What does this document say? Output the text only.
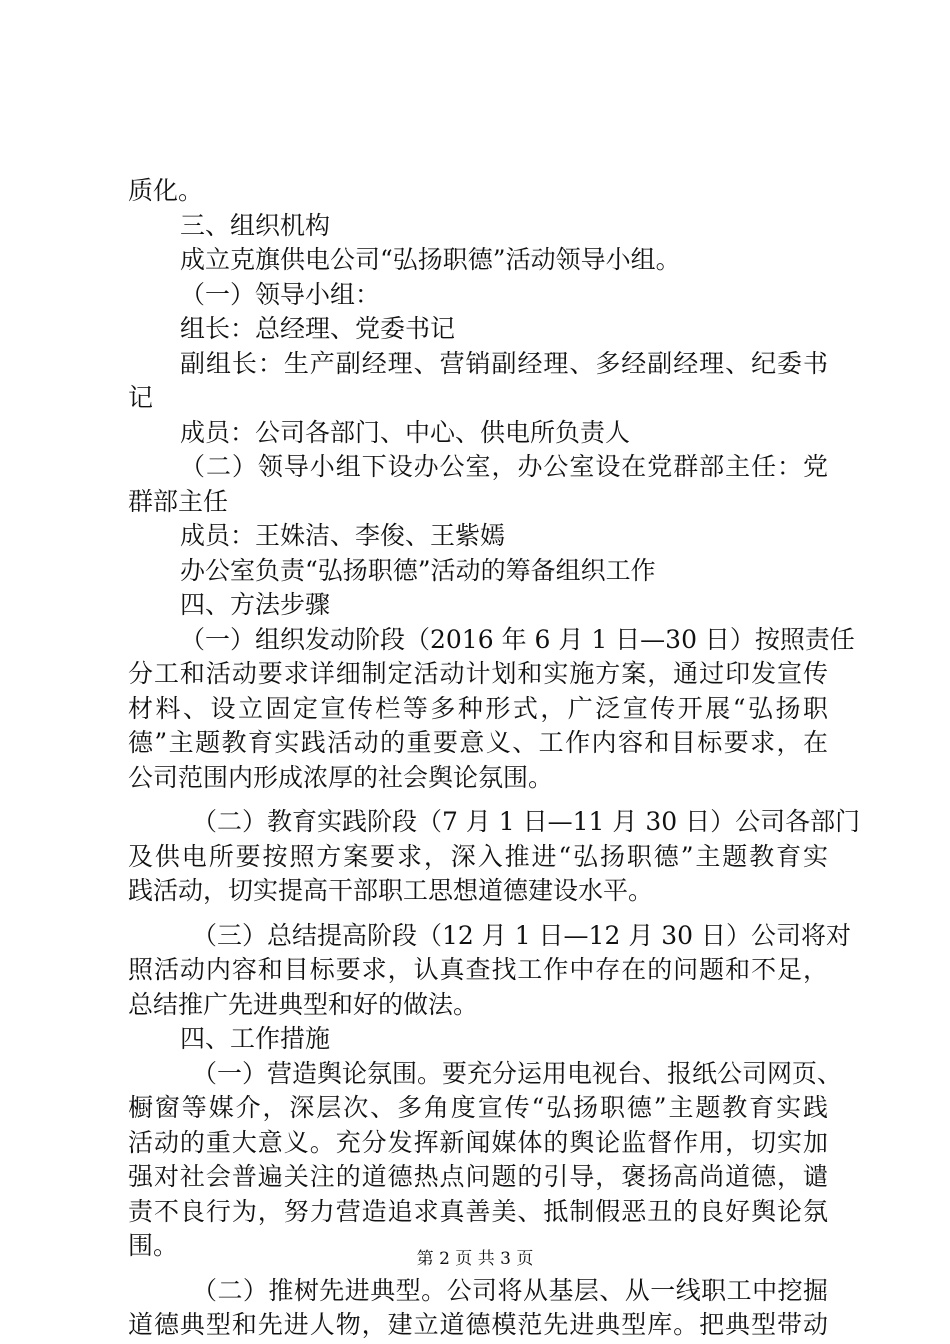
质化。
三、组织机构
成立克旗供电公司“弘扬职德”活动领导小组。
（一）领导小组：
组长：总经理、党委书记
副组长：生产副经理、营销副经理、多经副经理、纪委书
记
成员：公司各部门、中心、供电所负责人
（二）领导小组下设办公室，办公室设在党群部主任：党
群部主任
成员：王姝洁、李俊、王紫嫣
办公室负责“弘扬职德”活动的筹备组织工作
四、方法步骤
（一）组织发动阶段（2016 年 6 月 1 日—30 日）按照责任
分工和活动要求详细制定活动计划和实施方案，通过印发宣传
材料、设立固定宣传栏等多种形式，广泛宣传开展“弘扬职
德”主题教育实践活动的重要意义、工作内容和目标要求，在
公司范围内形成浓厚的社会舆论氛围。
（二）教育实践阶段（7 月 1 日—11 月 30 日）公司各部门
及供电所要按照方案要求，深入推进“弘扬职德”主题教育实
践活动，切实提高干部职工思想道德建设水平。
（三）总结提高阶段（12 月 1 日—12 月 30 日）公司将对
照活动内容和目标要求，认真查找工作中存在的问题和不足，
总结推广先进典型和好的做法。
四、工作措施
（一）营造舆论氛围。要充分运用电视台、报纸公司网页、
橱窗等媒介，深层次、多角度宣传“弘扬职德”主题教育实践
活动的重大意义。充分发挥新闻媒体的舆论监督作用，切实加
强对社会普遍关注的道德热点问题的引导，褒扬高尚道德，谴
责不良行为，努力营造追求真善美、抵制假恶丑的良好舆论氛
围。
（二）推树先进典型。公司将从基层、从一线职工中挖掘
道德典型和先进人物，建立道德模范先进典型库。把典型带动
第 2 页 共 3 页
